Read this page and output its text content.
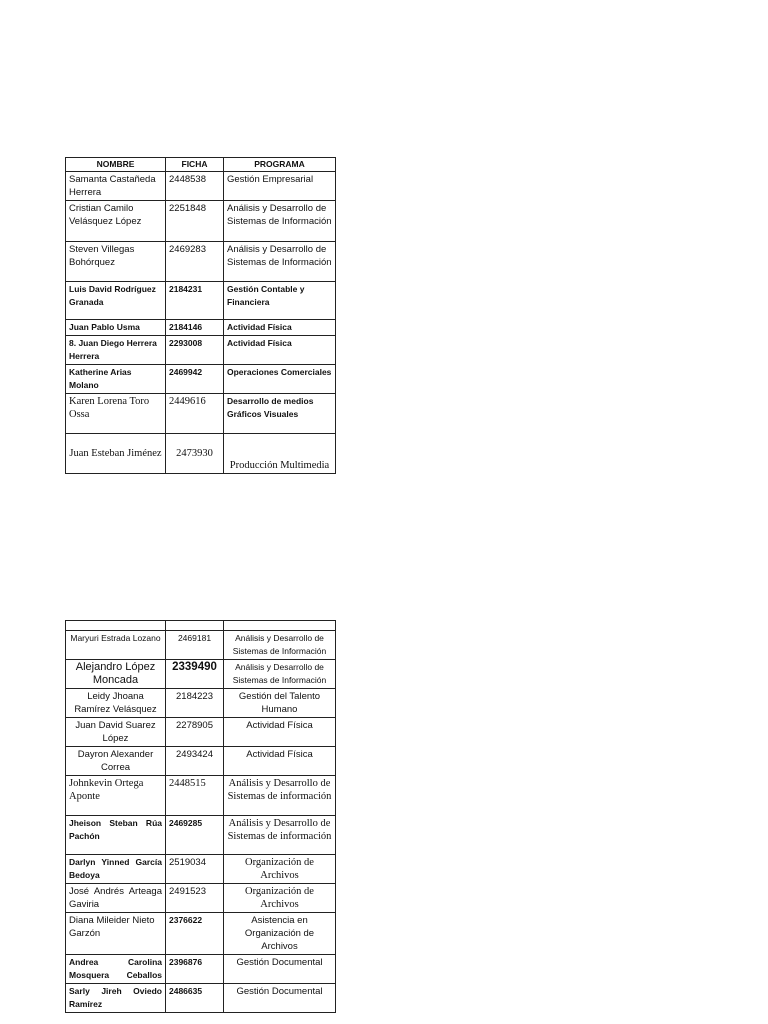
NOMBRE	FICHA	PROGRAMA
Samanta Castañeda Herrera	2448538	Gestión Empresarial
Cristian Camilo Velásquez López	2251848	Análisis y Desarrollo de Sistemas de Información
Steven Villegas Bohórquez	2469283	Análisis y Desarrollo de Sistemas de Información
Luis David Rodríguez Granada	2184231	Gestión Contable y Financiera
Juan Pablo Usma	2184146	Actividad Física
8. Juan Diego Herrera Herrera	2293008	Actividad Física
Katherine Arias Molano	2469942	Operaciones Comerciales
Karen Lorena Toro Ossa	2449616	Desarrollo de medios Gráficos Visuales
Juan Esteban Jiménez	2473930	Producción Multimedia

Maryuri Estrada Lozano	2469181	Análisis y Desarrollo de Sistemas de Información
Alejandro López Moncada	2339490	Análisis y Desarrollo de Sistemas de Información
Leidy Jhoana Ramírez Velásquez	2184223	Gestión del Talento Humano
Juan David Suarez López	2278905	Actividad Física
Dayron Alexander Correa	2493424	Actividad Física
Johnkevin Ortega Aponte	2448515	Análisis y Desarrollo de Sistemas de información

Jheison Steban Rúa Pachón	2469285	Análisis y Desarrollo de Sistemas de información

Darlyn Yinned García Bedoya	2519034	Organización de Archivos

José Andrés Arteaga Gaviria	2491523	Organización de Archivos
Diana Mileider Nieto Garzón	2376622	Asistencia en Organización de Archivos

Andrea Carolina Mosquera Ceballos	2396876	Gestión Documental

Sarly Jireh Oviedo Ramírez	2486635	Gestión Documental
